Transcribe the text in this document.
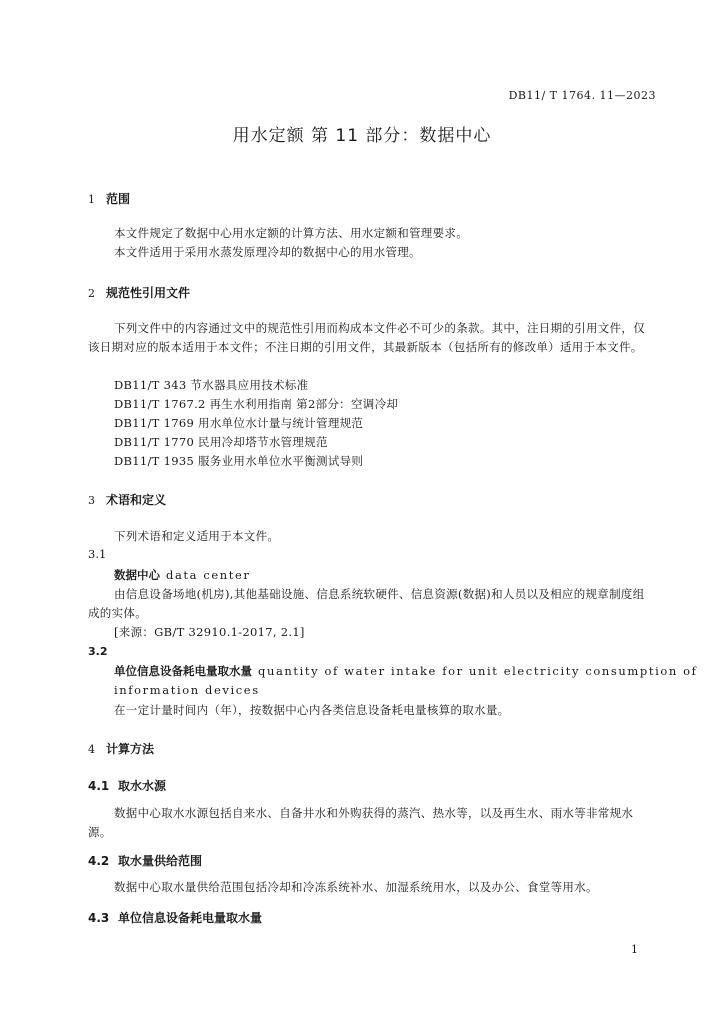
DB11/ T 1764. 11—2023
用水定额 第 11 部分：数据中心
1 范围
本文件规定了数据中心用水定额的计算方法、用水定额和管理要求。
本文件适用于采用水蒸发原理冷却的数据中心的用水管理。
2 规范性引用文件
下列文件中的内容通过文中的规范性引用而构成本文件必不可少的条款。其中，注日期的引用文件，仅该日期对应的版本适用于本文件；不注日期的引用文件，其最新版本（包括所有的修改单）适用于本文件。
DB11/T 343 节水器具应用技术标准
DB11/T 1767.2 再生水利用指南 第2部分：空调冷却
DB11/T 1769 用水单位水计量与统计管理规范
DB11/T 1770 民用冷却塔节水管理规范
DB11/T 1935 服务业用水单位水平衡测试导则
3 术语和定义
下列术语和定义适用于本文件。
3.1
数据中心 data center
由信息设备场地(机房),其他基础设施、信息系统软硬件、信息资源(数据)和人员以及相应的规章制度组成的实体。
[来源：GB/T 32910.1-2017, 2.1]
3.2
单位信息设备耗电量取水量 quantity of water intake for unit electricity consumption of
information devices
在一定计量时间内（年），按数据中心内各类信息设备耗电量核算的取水量。
4 计算方法
4.1 取水水源
数据中心取水水源包括自来水、自备井水和外购获得的蒸汽、热水等，以及再生水、雨水等非常规水源。
4.2 取水量供给范围
数据中心取水量供给范围包括冷却和冷冻系统补水、加湿系统用水，以及办公、食堂等用水。
4.3 单位信息设备耗电量取水量
1
